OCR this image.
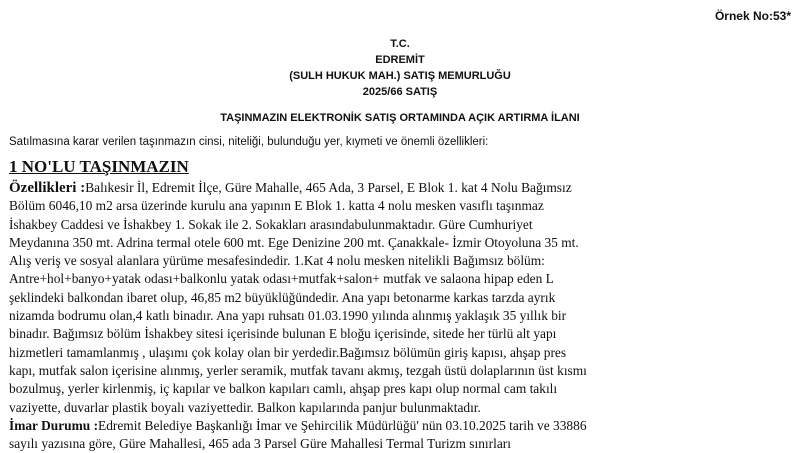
Örnek No:53*
T.C.
EDREMİT
(SULH HUKUK MAH.) SATIŞ MEMURLUĞU
2025/66 SATIŞ
TAŞINMAZIN ELEKTRONİK SATIŞ ORTAMINDA AÇIK ARTIRMA İLANI
Satılmasına karar verilen taşınmazın cinsi, niteliği, bulunduğu yer, kıymeti ve önemli özellikleri:
1 NO'LU TAŞINMAZIN

Özellikleri :Balıkesir İl, Edremit İlçe, Güre Mahalle, 465 Ada, 3 Parsel, E Blok 1. kat 4 Nolu Bağımsız Bölüm 6046,10 m2 arsa üzerinde kurulu ana yapının E Blok 1. katta 4 nolu mesken vasıflı taşınmaz İshakbey Caddesi ve İshakbey 1. Sokak ile 2. Sokakları arasındabulunmaktadır. Güre Cumhuriyet Meydanına 350 mt. Adrina termal otele 600 mt. Ege Denizine 200 mt. Çanakkale- İzmir Otoyoluna 35 mt. Alış veriş ve sosyal alanlara yürüme mesafesindedir. 1.Kat 4 nolu mesken nitelikli Bağımsız bölüm: Antre+hol+banyo+yatak odası+balkonlu yatak odası+mutfak+salon+ mutfak ve salaona hipap eden L şeklindeki balkondan ibaret olup, 46,85 m2 büyüklüğündedir. Ana yapı betonarme karkas tarzda ayrık nizamda bodrumu olan,4 katlı binadır. Ana yapı ruhsatı 01.03.1990 yılında alınmış yaklaşık 35 yıllık bir binadır. Bağımsız bölüm İshakbey sitesi içerisinde bulunan E bloğu içerisinde, sitede her türlü alt yapı hizmetleri tamamlanmış , ulaşımı çok kolay olan bir yerdedir.Bağımsız bölümün giriş kapısı, ahşap pres kapı, mutfak salon içerisine alınmış, yerler seramik, mutfak tavanı akmış, tezgah üstü dolaplarının üst kısmı bozulmuş, yerler kirlenmiş, iç kapılar ve balkon kapıları camlı, ahşap pres kapı olup normal cam takılı vaziyette, duvarlar plastik boyalı vaziyettedir. Balkon kapılarında panjur bulunmaktadır.

İmar Durumu :Edremit Belediye Başkanlığı İmar ve Şehircilik Müdürlüğü' nün 03.10.2025 tarih ve 33886 sayılı yazısına göre, Güre Mahallesi, 465 ada 3 Parsel Güre Mahallesi Termal Turizm sınırları
